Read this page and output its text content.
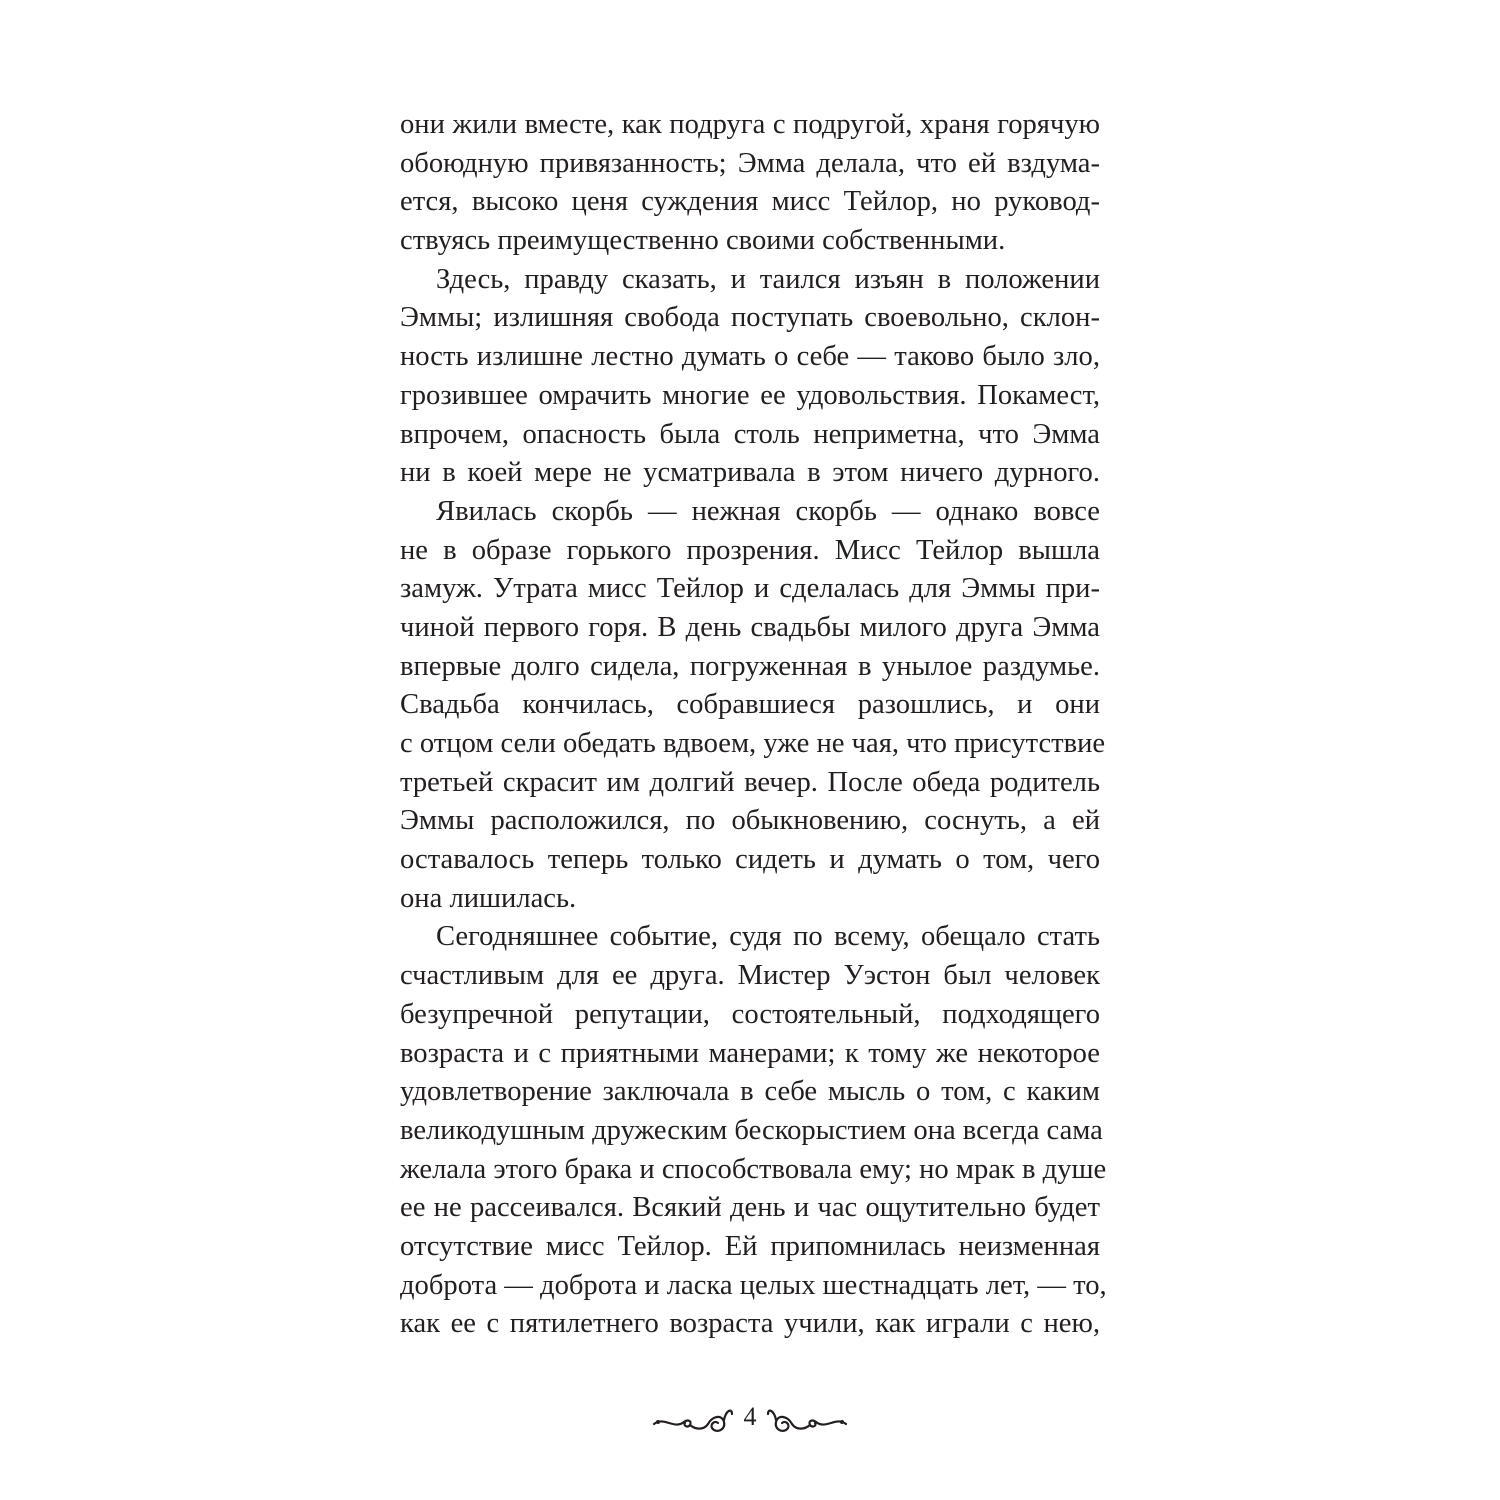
они жили вместе, как подруга с подругой, храня горячую
обоюдную привязанность; Эмма делала, что ей вздума-
ется, высоко ценя суждения мисс Тейлор, но руковод-
ствуясь преимущественно своими собственными.
Здесь, правду сказать, и таился изъян в положении
Эммы; излишняя свобода поступать своевольно, склон-
ность излишне лестно думать о себе — таково было зло,
грозившее омрачить многие ее удовольствия. Покамест,
впрочем, опасность была столь неприметна, что Эмма
ни в коей мере не усматривала в этом ничего дурного.
Явилась скорбь — нежная скорбь — однако вовсе
не в образе горького прозрения. Мисс Тейлор вышла
замуж. Утрата мисс Тейлор и сделалась для Эммы при-
чиной первого горя. В день свадьбы милого друга Эмма
впервые долго сидела, погруженная в унылое раздумье.
Свадьба кончилась, собравшиеся разошлись, и они
с отцом сели обедать вдвоем, уже не чая, что присутствие
третьей скрасит им долгий вечер. После обеда родитель
Эммы расположился, по обыкновению, соснуть, а ей
оставалось теперь только сидеть и думать о том, чего
она лишилась.
Сегодняшнее событие, судя по всему, обещало стать
счастливым для ее друга. Мистер Уэстон был человек
безупречной репутации, состоятельный, подходящего
возраста и с приятными манерами; к тому же некоторое
удовлетворение заключала в себе мысль о том, с каким
великодушным дружеским бескорыстием она всегда сама
желала этого брака и способствовала ему; но мрак в душе
ее не рассеивался. Всякий день и час ощутительно будет
отсутствие мисс Тейлор. Ей припомнилась неизменная
доброта — доброта и ласка целых шестнадцать лет, — то,
как ее с пятилетнего возраста учили, как играли с нею,
4
